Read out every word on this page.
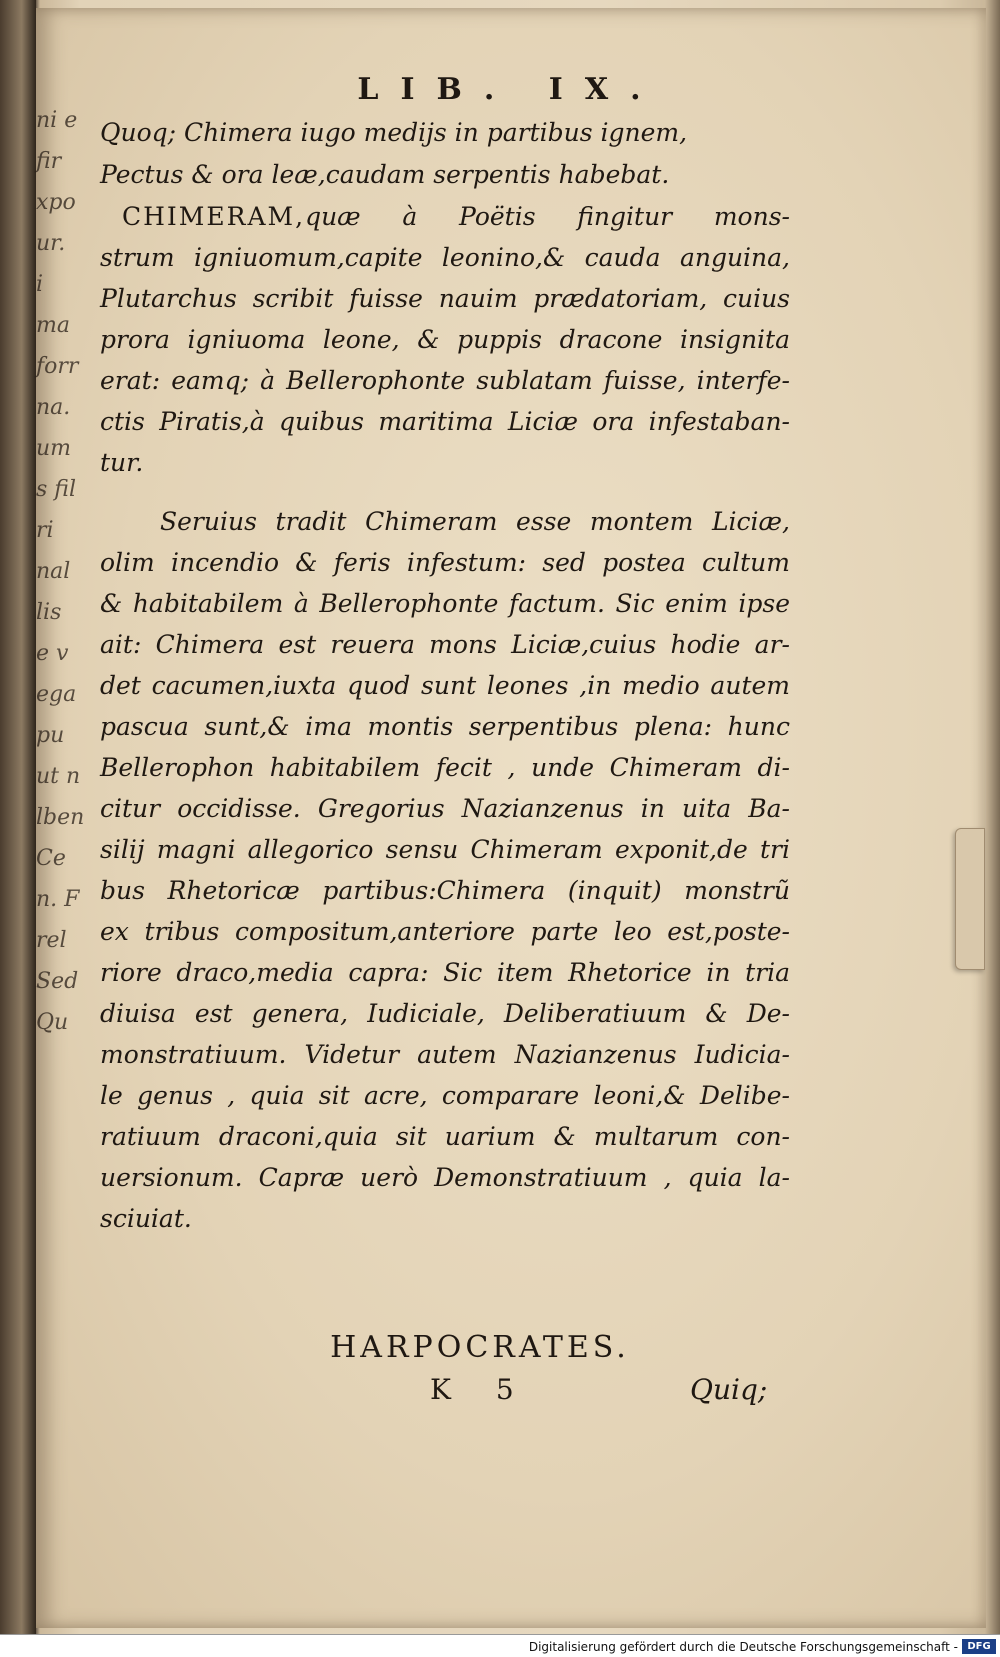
ni e
fir
xpo
ur.
i
ma
forr
na.
um
s fil
ri
nal
lis
e v
ega
pu
ut n
lben
Ce
n. F
rel
Sed
Qu
LIB. IX.
Quoq; Chimera iugo medijs in partibus ignem,
Pectus & ora leæ,caudam serpentis habebat.
CHIMERAM,quæ à Poëtis fingitur mons-
strum igniuomum,capite leonino,& cauda anguina,
Plutarchus scribit fuisse nauim prædatoriam, cuius
prora igniuoma leone, & puppis dracone insignita
erat: eamq; à Bellerophonte sublatam fuisse, interfe-
ctis Piratis,à quibus maritima Liciæ ora infestaban-
tur.
Seruius tradit Chimeram esse montem Liciæ,
olim incendio & feris infestum: sed postea cultum
& habitabilem à Bellerophonte factum. Sic enim ipse
ait: Chimera est reuera mons Liciæ,cuius hodie ar-
det cacumen,iuxta quod sunt leones ,in medio autem
pascua sunt,& ima montis serpentibus plena: hunc
Bellerophon habitabilem fecit , unde Chimeram di-
citur occidisse. Gregorius Nazianzenus in uita Ba-
silij magni allegorico sensu Chimeram exponit,de tri
bus Rhetoricæ partibus:Chimera (inquit) monstrũ
ex tribus compositum,anteriore parte leo est,poste-
riore draco,media capra: Sic item Rhetorice in tria
diuisa est genera, Iudiciale, Deliberatiuum & De-
monstratiuum. Videtur autem Nazianzenus Iudicia-
le genus , quia sit acre, comparare leoni,& Delibe-
ratiuum draconi,quia sit uarium & multarum con-
uersionum. Capræ uerò Demonstratiuum , quia la-
sciuiat.
HARPOCRATES.
K 5	Quiq;
Digitalisierung gefördert durch die Deutsche Forschungsgemeinschaft - DFG
